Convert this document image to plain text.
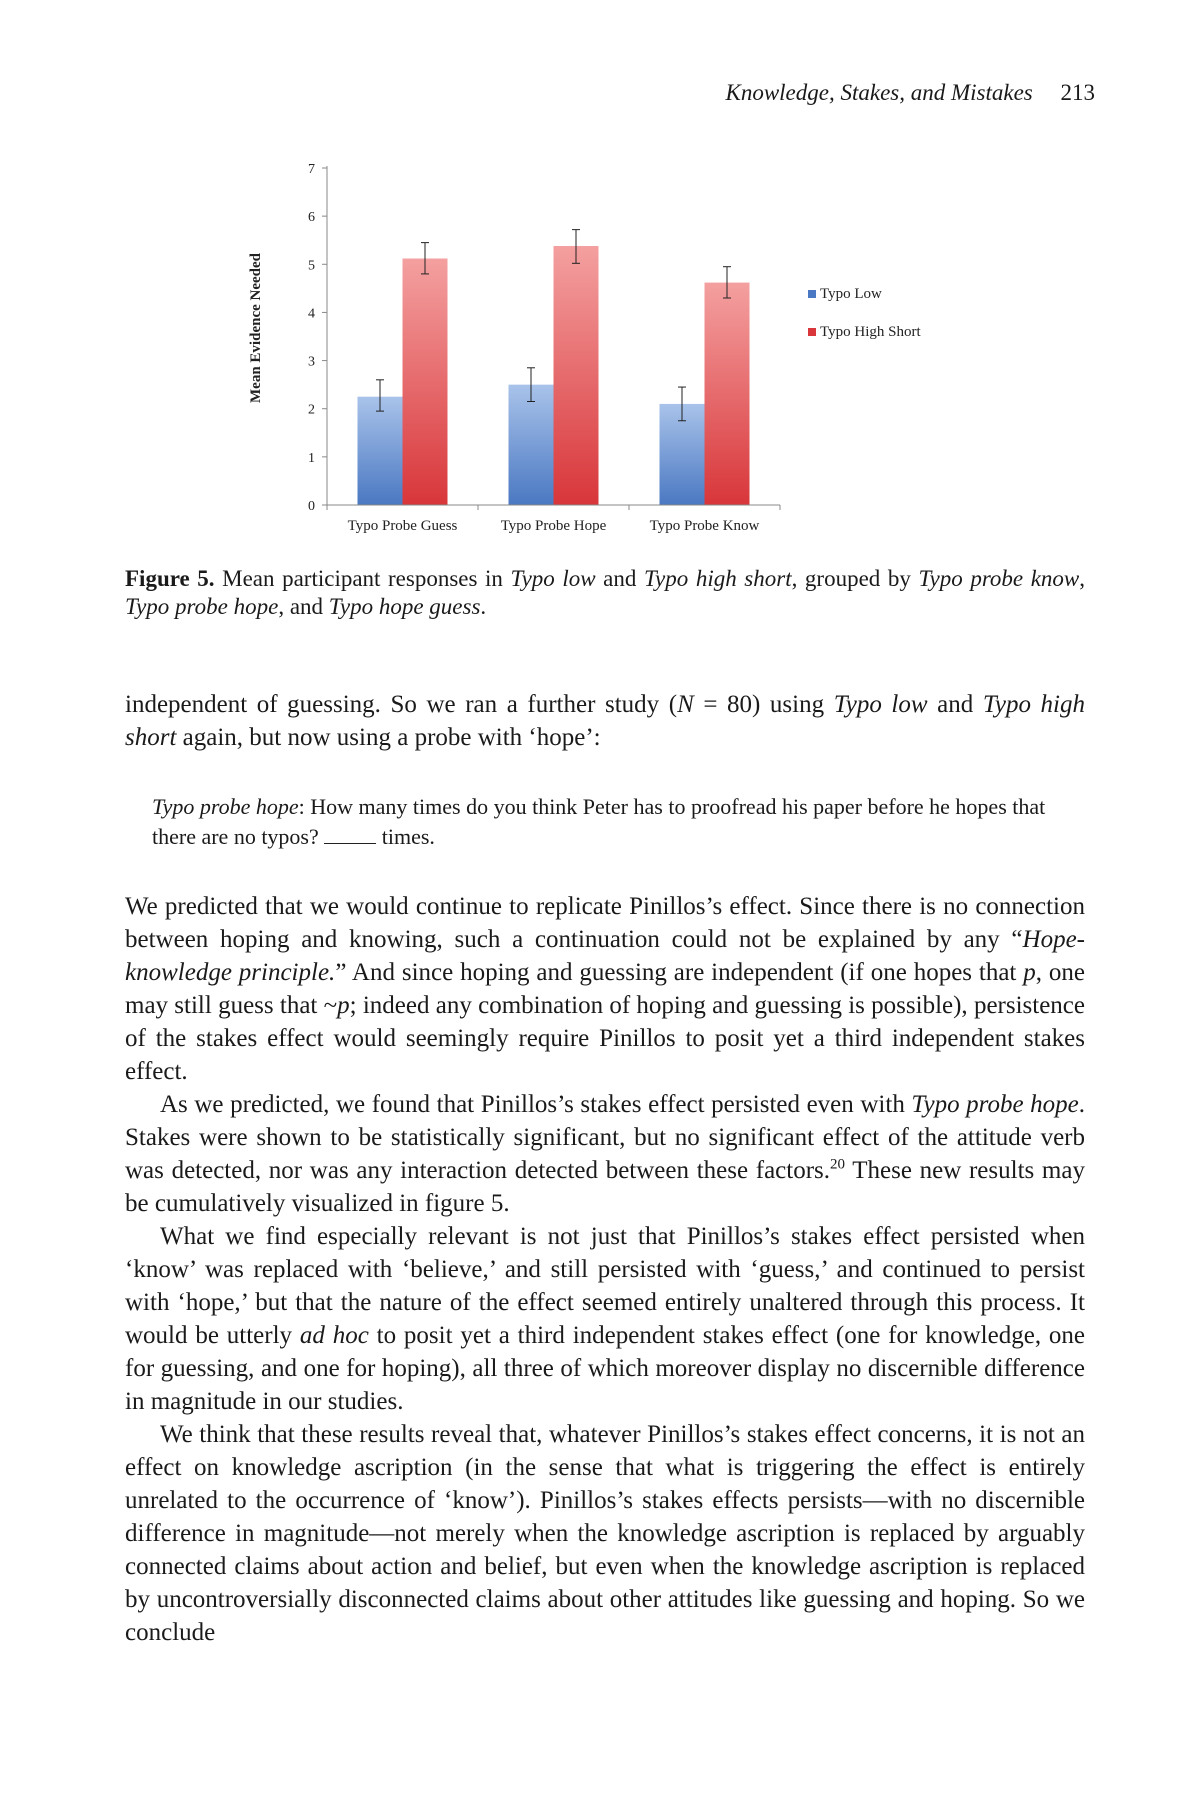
Knowledge, Stakes, and Mistakes 213
0
1
2
3
4
5
6
7
Typo Probe Guess	Typo Probe Hope	Typo Probe Know
Typo Low
Typo High Short
Mean Evidence Needed
Figure 5. Mean participant responses in Typo low and Typo high short, grouped by Typo probe know, Typo probe hope, and Typo hope guess.

independent of guessing. So we ran a further study (N = 80) using Typo low and Typo high short again, but now using a probe with ‘hope’:

Typo probe hope: How many times do you think Peter has to proofread his paper before he hopes that there are no typos?  times.

We predicted that we would continue to replicate Pinillos’s effect. Since there is no connection between hoping and knowing, such a continuation could not be explained by any “Hope-knowledge principle.” And since hoping and guessing are independent (if one hopes that p, one may still guess that ~p; indeed any combination of hoping and guessing is possible), persistence of the stakes effect would seemingly require Pinillos to posit yet a third independent stakes effect.

As we predicted, we found that Pinillos’s stakes effect persisted even with Typo probe hope. Stakes were shown to be statistically significant, but no significant effect of the attitude verb was detected, nor was any interaction detected between these factors.$^{20}$ These new results may be cumulatively visualized in figure 5.

What we find especially relevant is not just that Pinillos’s stakes effect persisted when ‘know’ was replaced with ‘believe,’ and still persisted with ‘guess,’ and continued to persist with ‘hope,’ but that the nature of the effect seemed entirely unaltered through this process. It would be utterly ad hoc to posit yet a third independent stakes effect (one for knowledge, one for guessing, and one for hoping), all three of which moreover display no discernible difference in magnitude in our studies.

We think that these results reveal that, whatever Pinillos’s stakes effect concerns, it is not an effect on knowledge ascription (in the sense that what is triggering the effect is entirely unrelated to the occurrence of ‘know’). Pinillos’s stakes effects persists—with no discernible difference in magnitude—not merely when the knowledge ascription is replaced by arguably connected claims about action and belief, but even when the knowledge ascription is replaced by uncontroversially disconnected claims about other attitudes like guessing and hoping. So we conclude
